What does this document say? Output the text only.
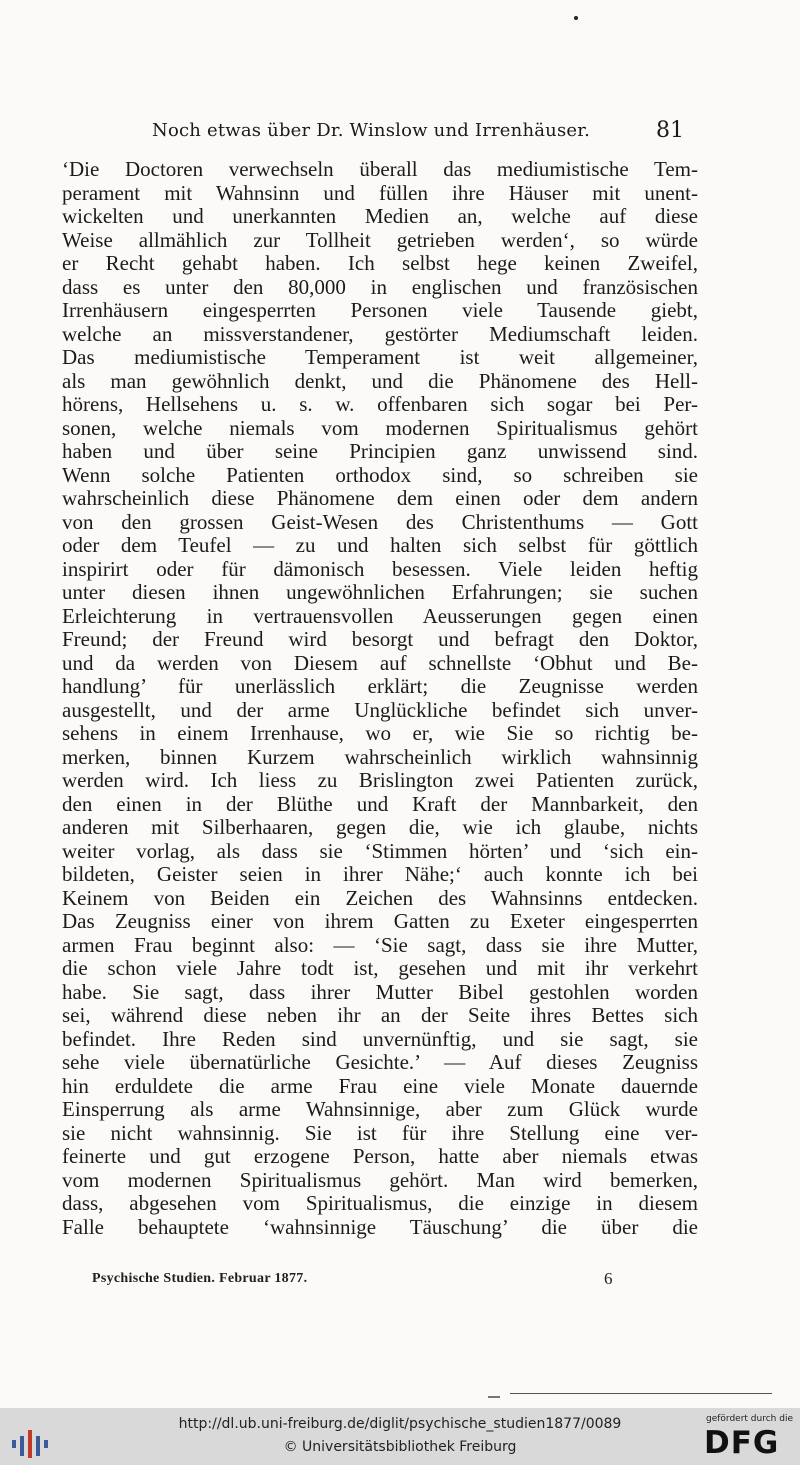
Noch etwas über Dr. Winslow und Irrenhäuser.	81
‘Die Doctoren verwechseln überall das mediumistische Tem-
perament mit Wahnsinn und füllen ihre Häuser mit unent-
wickelten und unerkannten Medien an, welche auf diese
Weise allmählich zur Tollheit getrieben werden‘, so würde
er Recht gehabt haben. Ich selbst hege keinen Zweifel,
dass es unter den 80,000 in englischen und französischen
Irrenhäusern eingesperrten Personen viele Tausende giebt,
welche an missverstandener, gestörter Mediumschaft leiden.
Das mediumistische Temperament ist weit allgemeiner,
als man gewöhnlich denkt, und die Phänomene des Hell-
hörens, Hellsehens u. s. w. offenbaren sich sogar bei Per-
sonen, welche niemals vom modernen Spiritualismus gehört
haben und über seine Principien ganz unwissend sind.
Wenn solche Patienten orthodox sind, so schreiben sie
wahrscheinlich diese Phänomene dem einen oder dem andern
von den grossen Geist-Wesen des Christenthums — Gott
oder dem Teufel — zu und halten sich selbst für göttlich
inspirirt oder für dämonisch besessen. Viele leiden heftig
unter diesen ihnen ungewöhnlichen Erfahrungen; sie suchen
Erleichterung in vertrauensvollen Aeusserungen gegen einen
Freund; der Freund wird besorgt und befragt den Doktor,
und da werden von Diesem auf schnellste ‘Obhut und Be-
handlung’ für unerlässlich erklärt; die Zeugnisse werden
ausgestellt, und der arme Unglückliche befindet sich unver-
sehens in einem Irrenhause, wo er, wie Sie so richtig be-
merken, binnen Kurzem wahrscheinlich wirklich wahnsinnig
werden wird. Ich liess zu Brislington zwei Patienten zurück,
den einen in der Blüthe und Kraft der Mannbarkeit, den
anderen mit Silberhaaren, gegen die, wie ich glaube, nichts
weiter vorlag, als dass sie ‘Stimmen hörten’ und ‘sich ein-
bildeten, Geister seien in ihrer Nähe;‘ auch konnte ich bei
Keinem von Beiden ein Zeichen des Wahnsinns entdecken.
Das Zeugniss einer von ihrem Gatten zu Exeter eingesperrten
armen Frau beginnt also: — ‘Sie sagt, dass sie ihre Mutter,
die schon viele Jahre todt ist, gesehen und mit ihr verkehrt
habe. Sie sagt, dass ihrer Mutter Bibel gestohlen worden
sei, während diese neben ihr an der Seite ihres Bettes sich
befindet. Ihre Reden sind unvernünftig, und sie sagt, sie
sehe viele übernatürliche Gesichte.’ — Auf dieses Zeugniss
hin erduldete die arme Frau eine viele Monate dauernde
Einsperrung als arme Wahnsinnige, aber zum Glück wurde
sie nicht wahnsinnig. Sie ist für ihre Stellung eine ver-
feinerte und gut erzogene Person, hatte aber niemals etwas
vom modernen Spiritualismus gehört. Man wird bemerken,
dass, abgesehen vom Spiritualismus, die einzige in diesem
Falle behauptete ‘wahnsinnige Täuschung’ die über die
Psychische Studien. Februar 1877.	6
http://dl.ub.uni-freiburg.de/diglit/psychische_studien1877/0089
© Universitätsbibliothek Freiburg
gefördert durch die
DFG
